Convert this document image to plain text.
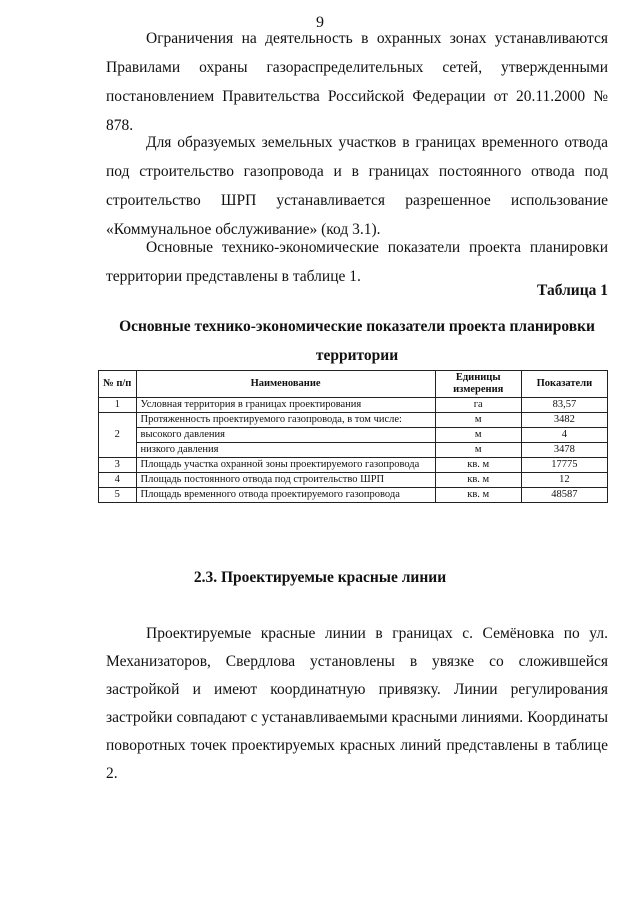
9

Ограничения на деятельность в охранных зонах устанавливаются Правилами охраны газораспределительных сетей, утвержденными постановлением Правительства Российской Федерации от 20.11.2000 № 878.

Для образуемых земельных участков в границах временного отвода под строительство газопровода и в границах постоянного отвода под строительство ШРП устанавливается разрешенное использование «Коммунальное обслуживание» (код 3.1).

Основные технико-экономические показатели проекта планировки территории представлены в таблице 1.

Таблица 1
Основные технико-экономические показатели проекта планировки территории
№ п/п	Наименование	Единицы измерения	Показатели
1	Условная территория в границах проектирования	га	83,57
2	Протяженность проектируемого газопровода, в том числе:	м	3482
	высокого давления	м	4
	низкого давления	м	3478
3	Площадь участка охранной зоны проектируемого газопровода	кв. м	17775
4	Площадь постоянного отвода под строительство ШРП	кв. м	12
5	Площадь временного отвода проектируемого газопровода	кв. м	48587
2.3. Проектируемые красные линии

Проектируемые красные линии в границах с. Семёновка по ул. Механизаторов, Свердлова установлены в увязке со сложившейся застройкой и имеют координатную привязку. Линии регулирования застройки совпадают с устанавливаемыми красными линиями. Координаты поворотных точек проектируемых красных линий представлены в таблице 2.
